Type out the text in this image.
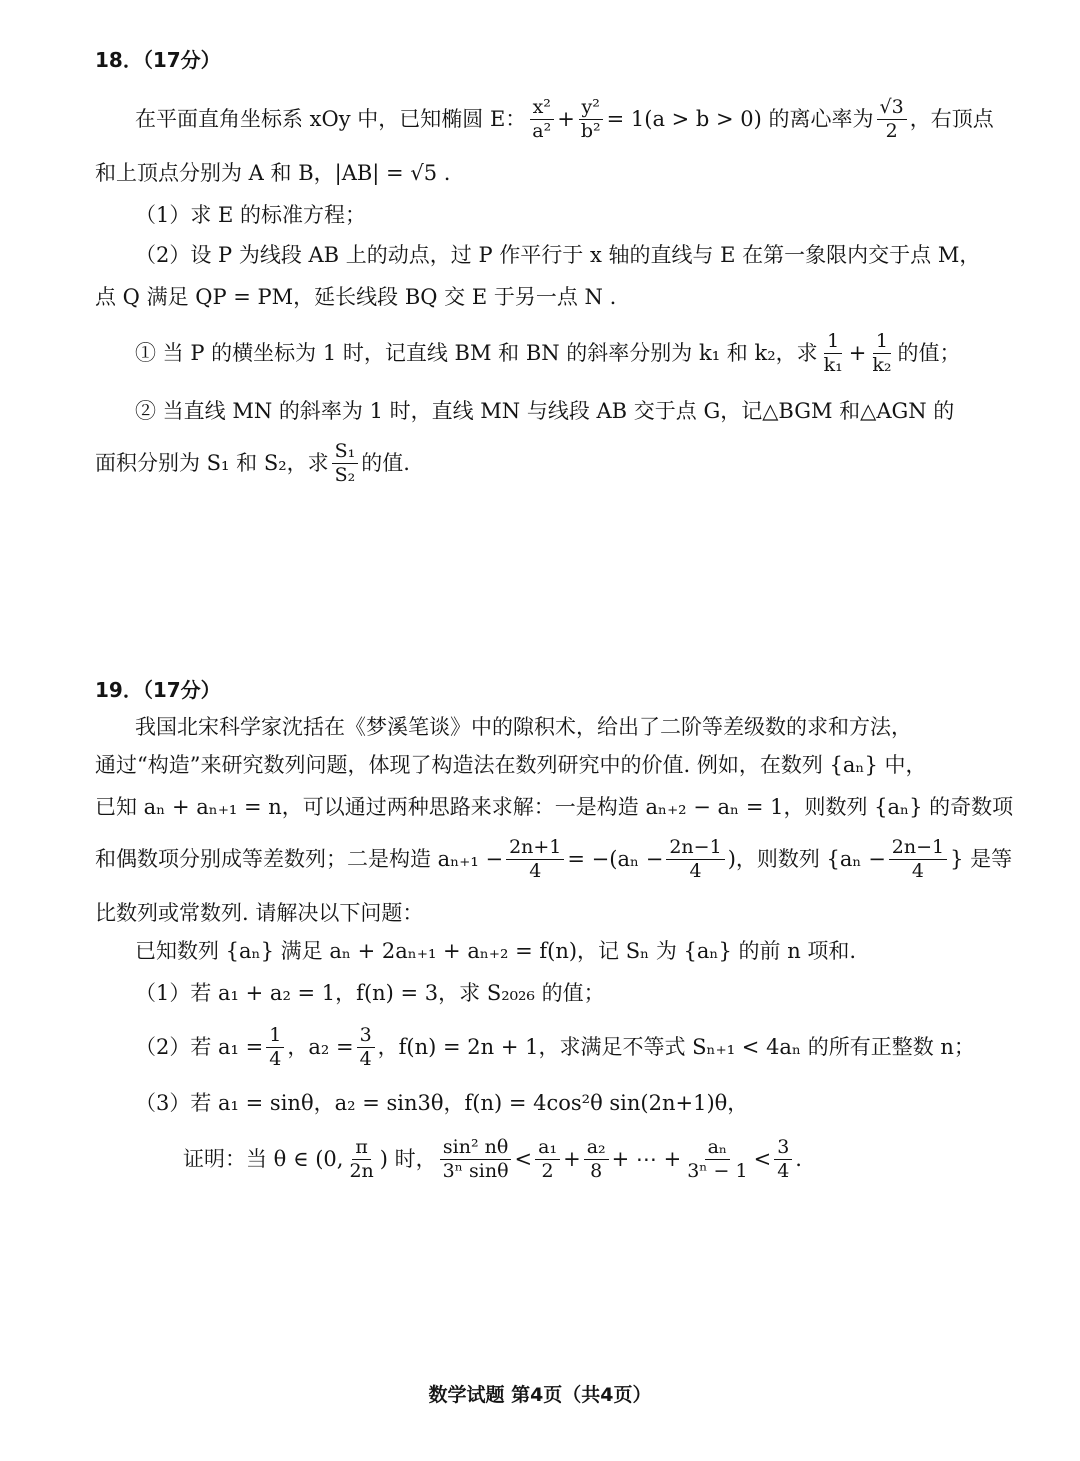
18．（17分）
在平面直角坐标系 xOy 中，已知椭圆 E： $\frac{\text{x²}}{\text{a²}} + \frac{\text{y²}}{\text{b²}} = 1(a > b > 0)$ 的离心率为 $\frac{√3}{2}$ ，右顶点
和上顶点分别为 A 和 B，|AB| = √5 .
（1）求 E 的标准方程；
（2）设 P 为线段 AB 上的动点，过 P 作平行于 x 轴的直线与 E 在第一象限内交于点 M，
点 Q 满足 QP = PM，延长线段 BQ 交 E 于另一点 N .
① 当 P 的横坐标为 1 时，记直线 BM 和 BN 的斜率分别为 k₁ 和 k₂，求 $\frac{1}{\text{k₁}} + \frac{1}{\text{k₂}}$ 的值；
② 当直线 MN 的斜率为 1 时，直线 MN 与线段 AB 交于点 G，记△BGM 和△AGN 的
面积分别为 S₁ 和 S₂，求 $\frac{\text{S₁}}{\text{S₂}}$ 的值.
19．（17分）
我国北宋科学家沈括在《梦溪笔谈》中的隙积术，给出了二阶等差级数的求和方法，
通过“构造”来研究数列问题，体现了构造法在数列研究中的价值. 例如，在数列 {aₙ} 中，
已知 aₙ + aₙ₊₁ = n，可以通过两种思路来求解：一是构造 aₙ₊₂ − aₙ = 1，则数列 {aₙ} 的奇数项
和偶数项分别成等差数列；二是构造 $a_{n+1} - \frac{2n+1}{4} = -(a_n - \frac{2n-1}{4}$ )，则数列 {$a_n - \frac{2n-1}{4}$ } 是等
比数列或常数列. 请解决以下问题：
已知数列 {aₙ} 满足 aₙ + 2aₙ₊₁ + aₙ₊₂ = f(n)，记 Sₙ 为 {aₙ} 的前 n 项和.
（1）若 a₁ + a₂ = 1，f(n) = 3，求 S₂₀₂₆ 的值；
（2）若 $a_1 = \frac{1}{4}$ ，$a_2 = \frac{3}{4}$ ，f(n) = 2n + 1，求满足不等式 Sₙ₊₁ < 4aₙ 的所有正整数 n；
（3）若 a₁ = sinθ，a₂ = sin3θ，f(n) = 4cos²θ sin(2n+1)θ，
证明：当 θ ∈ (0, $\frac{\pi}{2n}$ ) 时， $\frac{\text{sin² nθ}}{\text{3ⁿ sinθ}} < \frac{\text{a₁}}{2} + \frac{\text{a₂}}{8}$ + ⋯ + $\frac{\text{aₙ}}{\text{3ⁿ − 1}} < \frac{3}{4}$ .
数学试题 第4页（共4页）
